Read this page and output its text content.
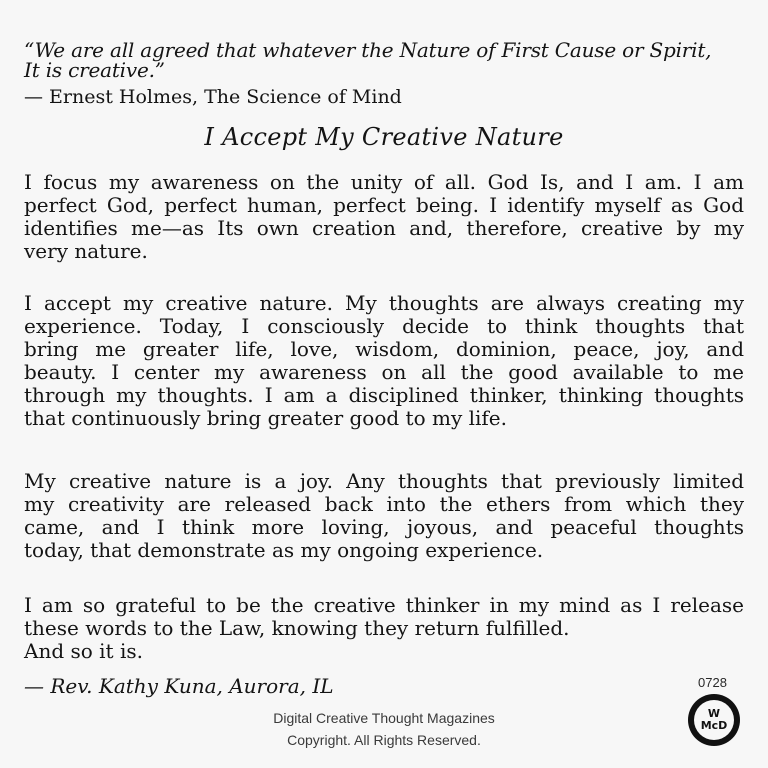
“We are all agreed that whatever the Nature of First Cause or Spirit,
It is creative.”
— Ernest Holmes, The Science of Mind
I Accept My Creative Nature
I focus my awareness on the unity of all. God Is, and I am. I am
perfect God, perfect human, perfect being. I identify myself as God
identifies me—as Its own creation and, therefore, creative by my
very nature.
I accept my creative nature. My thoughts are always creating my
experience. Today, I consciously decide to think thoughts that
bring me greater life, love, wisdom, dominion, peace, joy, and
beauty. I center my awareness on all the good available to me
through my thoughts. I am a disciplined thinker, thinking thoughts
that continuously bring greater good to my life.
My creative nature is a joy. Any thoughts that previously limited
my creativity are released back into the ethers from which they
came, and I think more loving, joyous, and peaceful thoughts
today, that demonstrate as my ongoing experience.
I am so grateful to be the creative thinker in my mind as I release
these words to the Law, knowing they return fulfilled.
And so it is.
— Rev. Kathy Kuna, Aurora, IL	0728
W
McD
Digital Creative Thought Magazines
Copyright. All Rights Reserved.
